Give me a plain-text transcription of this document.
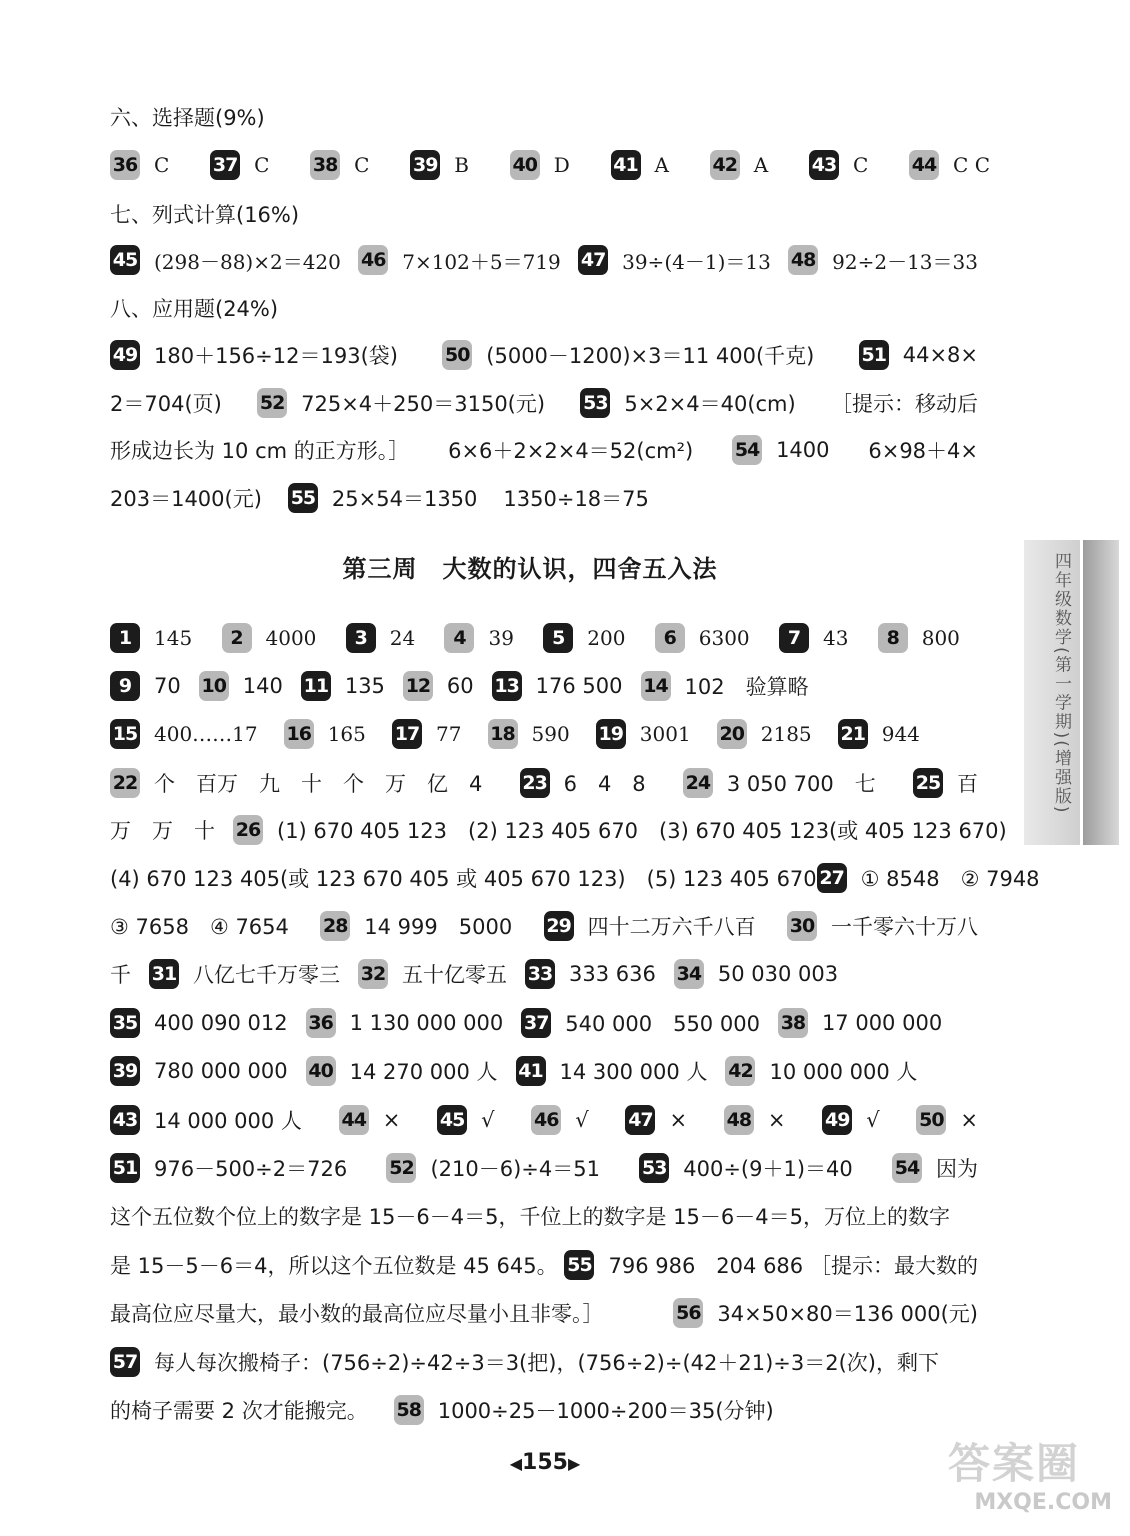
六、选择题(9%)
36 C 37 C 38 C 39 B 40 D 41 A 42 A 43 C 44 C C
七、列式计算(16%)
45 (298－88)×2＝420 46 7×102＋5＝719 47 39÷(4－1)＝13 48 92÷2－13＝33
八、应用题(24%)
49 180＋156÷12＝193(袋) 50 (5000－1200)×3＝11 400(千克) 51 44×8×
2＝704(页) 52 725×4＋250＝3150(元) 53 5×2×4＝40(cm) ［提示：移动后
形成边长为 10 cm 的正方形。］ 6×6＋2×2×4＝52(cm²) 54 1400 6×98＋4×
203＝1400(元) 55 25×54＝1350 1350÷18＝75
第三周　大数的认识，四舍五入法
1	145	2	4000	3	24	4	39	5	200	6	6300	7	43	8	800
9	70 10 140 11 135 12 60 13 176 500 14 102　验算略
15 400……17 16 165 17 77 18 590 19 3001 20 2185 21 944
22 个　百万　九　十　个　万　亿　4 23 6　4　8 24 3 050 700　七 25 百
万　万　十 26 (1) 670 405 123　(2) 123 405 670　(3) 670 405 123(或 405 123 670)
(4) 670 123 405(或 123 670 405 或 405 670 123)　(5) 123 405 670 27 ① 8548　② 7948
③ 7658　④ 7654 28 14 999　5000 29 四十二万六千八百 30 一千零六十万八
千 31 八亿七千万零三 32 五十亿零五 33 333 636 34 50 030 003
35 400 090 012 36 1 130 000 000 37 540 000　550 000 38 17 000 000
39 780 000 000 40 14 270 000 人 41 14 300 000 人 42 10 000 000 人
43 14 000 000 人 44 × 45 √ 46 √ 47 × 48 × 49 √ 50 ×
51 976－500÷2＝726 52 (210－6)÷4＝51 53 400÷(9＋1)＝40 54 因为
这个五位数个位上的数字是 15－6－4＝5，千位上的数字是 15－6－4＝5，万位上的数字
是 15－5－6＝4，所以这个五位数是 45 645。 55 796 986　204 686 ［提示：最大数的
最高位应尽量大，最小数的最高位应尽量小且非零。］	56 34×50×80＝136 000(元)
57 每人每次搬椅子：(756÷2)÷42÷3＝3(把)，(756÷2)÷(42＋21)÷3＝2(次)，剩下
的椅子需要 2 次才能搬完。 58 1000÷25－1000÷200＝35(分钟)
四年级数学(第一学期)(增强版)
◀155▶	答案圈
MXQE.COM
